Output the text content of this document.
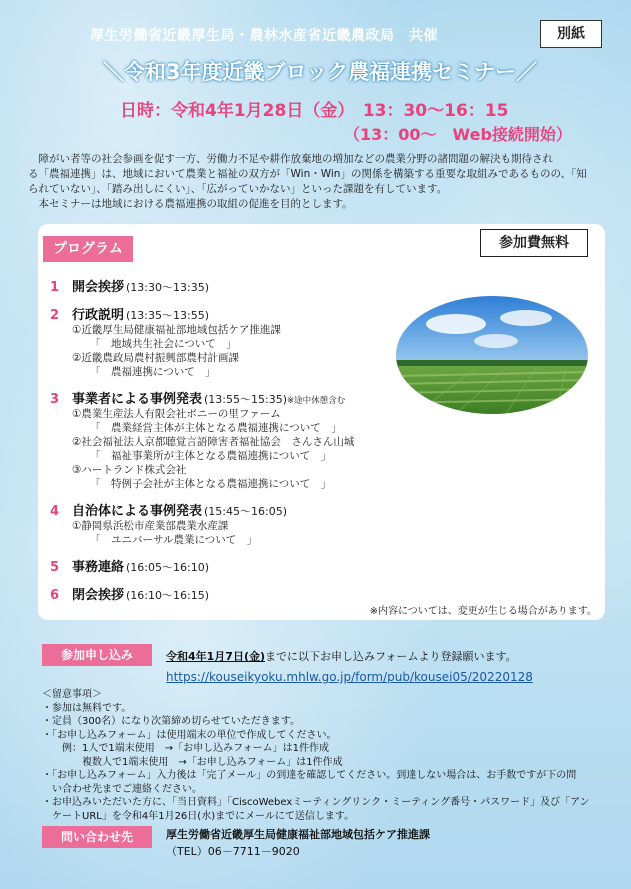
厚生労働省近畿厚生局・農林水産省近畿農政局　共催	別紙
＼令和3年度近畿ブロック農福連携セミナー／
日時：令和4年1月28日（金）　13：30〜16：15
（13：00〜　Web接続開始）

　障がい者等の社会参画を促す一方、労働力不足や耕作放棄地の増加などの農業分野の諸問題の解決も期待され

る「農福連携」は、地域において農業と福祉の双方が「Win・Win」の関係を構築する重要な取組みであるものの、「知

られていない」、「踏み出しにくい」、「広がっていかない」といった課題を有しています。

　本セミナーは地域における農福連携の取組の促進を目的とします。

プログラム	参加費無料
1 開会挨拶 (13:30〜13:35)
2 行政説明 (13:35〜13:55)
①近畿厚生局健康福祉部地域包括ケア推進課
「　地域共生社会について　」
②近畿農政局農村振興部農村計画課
「　農福連携について　」
3 事業者による事例発表 (13:55〜15:35) ※途中休憩含む
①農業生産法人有限会社ボニーの里ファーム
「　農業経営主体が主体となる農福連携について　」
②社会福祉法人京都聴覚言語障害者福祉協会　さんさん山城
「　福祉事業所が主体となる農福連携について　」
③ハートランド株式会社
「　特例子会社が主体となる農福連携について　」
4 自治体による事例発表 (15:45〜16:05)
①静岡県浜松市産業部農業水産課
「　ユニバーサル農業について　」
5 事務連絡 (16:05〜16:10)
6 閉会挨拶 (16:10〜16:15)
※内容については、変更が生じる場合があります。
参加申し込み	令和4年1月7日(金)までに以下お申し込みフォームより登録願います。
https://kouseikyoku.mhlw.go.jp/form/pub/kousei05/20220128

＜留意事項＞

・参加は無料です。

・定員（300名）になり次第締め切らせていただきます。

・「お申し込みフォーム」は使用端末の単位で作成してください。

　　例：1人で1端末使用　→「お申し込みフォーム」は1件作成

　　　　複数人で1端末使用　→「お申し込みフォーム」は1件作成

・「お申し込みフォーム」入力後は「完了メール」の到達を確認してください。到達しない場合は、お手数ですが下の問

　い合わせ先までご連絡ください。

・お申込みいただいた方に、「当日資料」「CiscoWebexミーティングリンク・ミーティング番号・パスワード」及び「アン

　ケートURL」を令和4年1月26日(水)までにメールにて送信します。

問い合わせ先	厚生労働省近畿厚生局健康福祉部地域包括ケア推進課
（TEL）06－7711－9020
